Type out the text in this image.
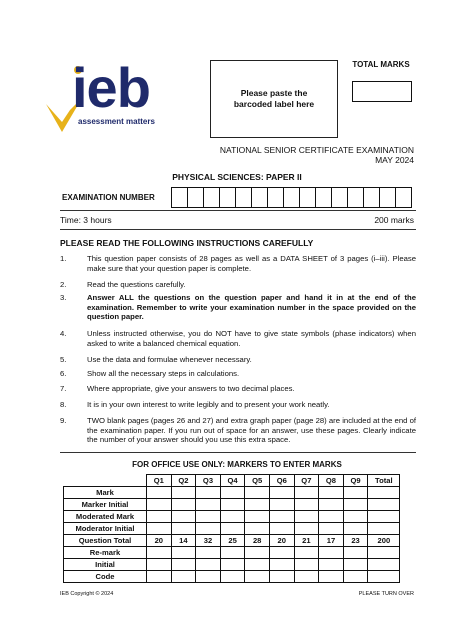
ieb
assessment matters
Please paste the barcoded label here
TOTAL MARKS
NATIONAL SENIOR CERTIFICATE EXAMINATION
MAY 2024
PHYSICAL SCIENCES: PAPER II
EXAMINATION NUMBER
Time: 3 hours	200 marks
PLEASE READ THE FOLLOWING INSTRUCTIONS CAREFULLY
1.	This question paper consists of 28 pages as well as a DATA SHEET of 3 pages (i–iii). Please make sure that your question paper is complete.
2.	Read the questions carefully.
3.	Answer ALL the questions on the question paper and hand it in at the end of the examination. Remember to write your examination number in the space provided on the question paper.
4.	Unless instructed otherwise, you do NOT have to give state symbols (phase indicators) when asked to write a balanced chemical equation.
5.	Use the data and formulae whenever necessary.
6.	Show all the necessary steps in calculations.
7.	Where appropriate, give your answers to two decimal places.
8.	It is in your own interest to write legibly and to present your work neatly.
9.	TWO blank pages (pages 26 and 27) and extra graph paper (page 28) are included at the end of the examination paper. If you run out of space for an answer, use these pages. Clearly indicate the number of your answer should you use this extra space.
FOR OFFICE USE ONLY: MARKERS TO ENTER MARKS
	Q1	Q2	Q3	Q4	Q5	Q6	Q7	Q8	Q9	Total
Mark										
Marker Initial										
Moderated Mark										
Moderator Initial										
Question Total	20	14	32	25	28	20	21	17	23	200
Re-mark										
Initial										
Code										
IEB Copyright © 2024	PLEASE TURN OVER
